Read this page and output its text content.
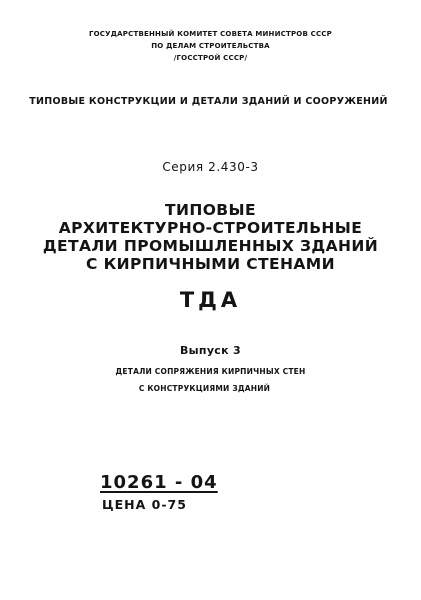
ГОСУДАРСТВЕННЫЙ КОМИТЕТ СОВЕТА МИНИСТРОВ СССР
ПО ДЕЛАМ СТРОИТЕЛЬСТВА
/ГОССТРОЙ СССР/
ТИПОВЫЕ КОНСТРУКЦИИ И ДЕТАЛИ ЗДАНИЙ И СООРУЖЕНИЙ
Серия 2.430-3
ТИПОВЫЕ
АРХИТЕКТУРНО-СТРОИТЕЛЬНЫЕ
ДЕТАЛИ ПРОМЫШЛЕННЫХ ЗДАНИЙ
С КИРПИЧНЫМИ СТЕНАМИ
ТДА
Выпуск 3
ДЕТАЛИ СОПРЯЖЕНИЯ КИРПИЧНЫХ СТЕН
С КОНСТРУКЦИЯМИ ЗДАНИЙ
10261 - 04
ЦЕНА 0-75
